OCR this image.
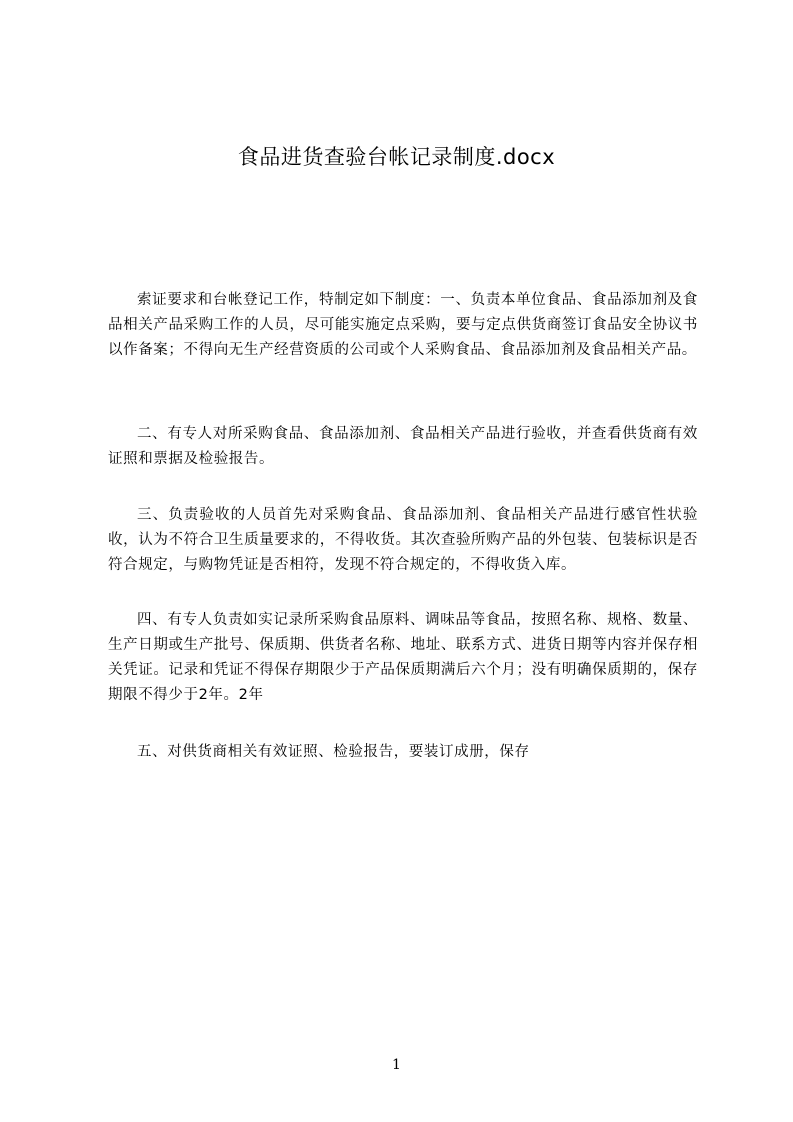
食品进货查验台帐记录制度.docx

索证要求和台帐登记工作，特制定如下制度：一、负责本单位食品、食品添加剂及食品相关产品采购工作的人员，尽可能实施定点采购，要与定点供货商签订食品安全协议书以作备案；不得向无生产经营资质的公司或个人采购食品、食品添加剂及食品相关产品。

二、有专人对所采购食品、食品添加剂、食品相关产品进行验收，并查看供货商有效证照和票据及检验报告。

三、负责验收的人员首先对采购食品、食品添加剂、食品相关产品进行感官性状验收，认为不符合卫生质量要求的，不得收货。其次查验所购产品的外包装、包装标识是否符合规定，与购物凭证是否相符，发现不符合规定的，不得收货入库。

四、有专人负责如实记录所采购食品原料、调味品等食品，按照名称、规格、数量、生产日期或生产批号、保质期、供货者名称、地址、联系方式、进货日期等内容并保存相关凭证。记录和凭证不得保存期限少于产品保质期满后六个月；没有明确保质期的，保存期限不得少于2年。2年

五、对供货商相关有效证照、检验报告，要装订成册，保存

1
